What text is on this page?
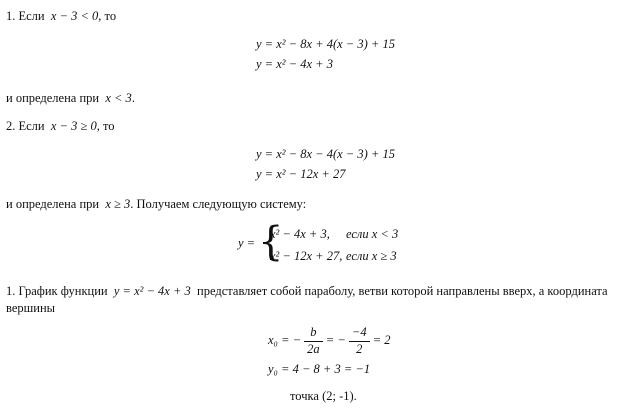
1. Если x − 3 < 0, то
y = x² − 8x + 4(x − 3) + 15
y = x² − 4x + 3
и определена при x < 3.
2. Если x − 3 ≥ 0, то
y = x² − 8x − 4(x − 3) + 15
y = x² − 12x + 27
и определена при x ≥ 3. Получаем следующую систему:
y = {
x² − 4x + 3, если x < 3
x² − 12x + 27, если x ≥ 3
1. График функции y = x² − 4x + 3 представляет собой параболу, ветви которой направлены вверх, а координата
вершины
x₀ = − $\frac{b}{2a}$ = − $\frac{-4}{2} = 2$
y₀ = 4 − 8 + 3 = −1
точка (2; -1).
